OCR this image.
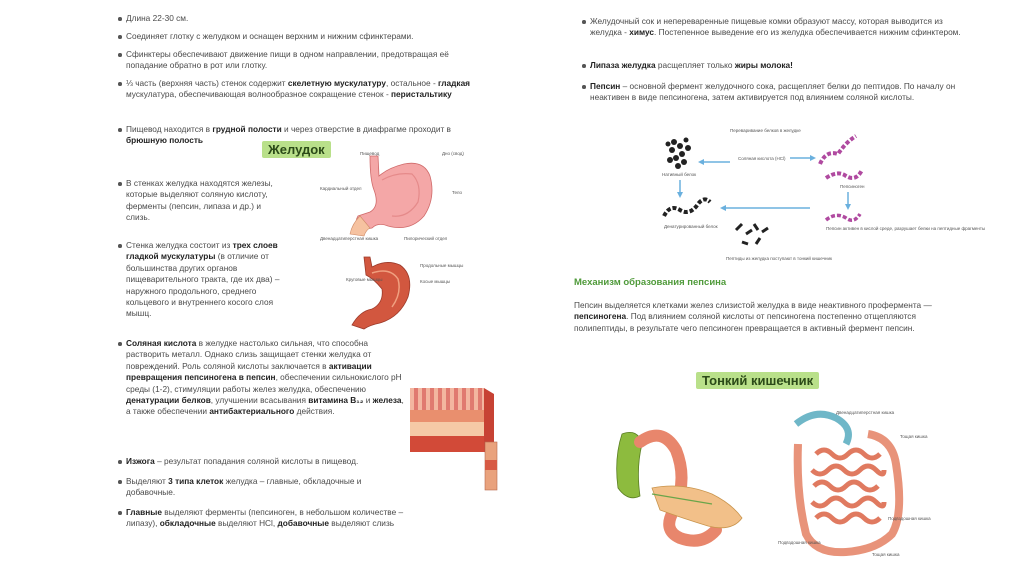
Длина 22-30 см.
Соединяет глотку с желудком и оснащен верхним и нижним сфинктерами.
Сфинктеры обеспечивают движение пищи в одном направлении, предотвращая её попадание обратно в рот или глотку.
⅓ часть (верхняя часть) стенок содержит скелетную мускулатуру, остальное - гладкая мускулатура, обеспечивающая волнообразное сокращение стенок - перистальтику
Пищевод находится в грудной полости и через отверстие в диафрагме проходит в брюшную полость
В стенках желудка находятся железы, которые выделяют соляную кислоту, ферменты (пепсин, липаза и др.) и слизь.
Стенка желудка состоит из трех слоев гладкой мускулатуры (в отличие от большинства других органов пищеварительного тракта, где их два) – наружного продольного, среднего кольцевого и внутреннего косого слоя мышц.
Соляная кислота в желудке настолько сильная, что способна растворить металл. Однако слизь защищает стенки желудка от повреждений. Роль соляной кислоты заключается в активации превращения пепсиногена в пепсин, обеспечении сильнокислого pH среды (1-2), стимуляции работы желез желудка, обеспечению денатурации белков, улучшении всасывания витамина B₁₂ и железа, а также обеспечении антибактериального действия.
Изжога – результат попадания соляной кислоты в пищевод.
Выделяют 3 типа клеток желудка – главные, обкладочные и добавочные.
Главные выделяют ферменты (пепсиноген, в небольшом количестве – липазу), обкладочные выделяют HCl, добавочные выделяют слизь
Желудок	Пищевод	Дно (свод)
Кардиальный отдел
Тело
Двенадцатиперстная кишка	Пилорический отдел
Продольные мышцы
Круговые мышцы	Косые мышцы
Желудочный сок и непереваренные пищевые комки образуют массу, которая выводится из желудка - химус. Постепенное выведение его из желудка обеспечивается нижним сфинктером.
Липаза желудка расщепляет только жиры молока!
Пепсин – основной фермент желудочного сока, расщепляет белки до пептидов. По началу он неактивен в виде пепсиногена, затем активируется под влиянием соляной кислоты.
Переваривание белков в желудке
Соляная кислота (HCl)
Нативный белок
Денатурированный белок
Пепсиноген
Пепсин активен в кислой среде, разрушает белки на пептидные фрагменты
Пептиды из желудка поступают в тонкий кишечник
Механизм образования пепсина
Пепсин выделяется клетками желез слизистой желудка в виде неактивного профермента — пепсиногена. Под влиянием соляной кислоты от пепсиногена постепенно отщепляются полипептиды, в результате чего пепсиноген превращается в активный фермент пепсин.
Тонкий кишечник
Двенадцатиперстная кишка
Тощая кишка
Подвздошная кишка
Подвздошная кишка
Тощая кишка
